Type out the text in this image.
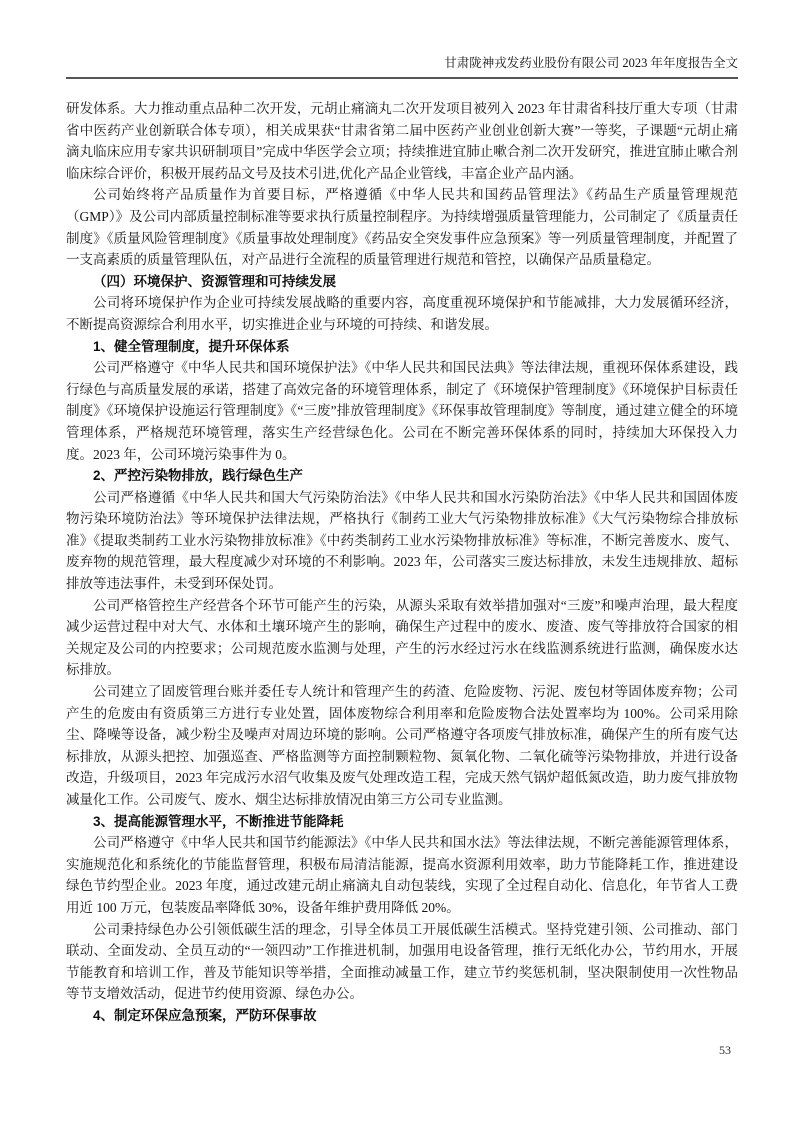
甘肃陇神戎发药业股份有限公司 2023 年年度报告全文

研发体系。大力推动重点品种二次开发，元胡止痛滴丸二次开发项目被列入 2023 年甘肃省科技厅重大专项（甘肃省中医药产业创新联合体专项），相关成果获“甘肃省第二届中医药产业创业创新大赛”一等奖，子课题“元胡止痛滴丸临床应用专家共识研制项目”完成中华医学会立项；持续推进宜肺止嗽合剂二次开发研究，推进宜肺止嗽合剂临床综合评价，积极开展药品文号及技术引进,优化产品企业管线，丰富企业产品内涵。

公司始终将产品质量作为首要目标，严格遵循《中华人民共和国药品管理法》《药品生产质量管理规范（GMP）》及公司内部质量控制标准等要求执行质量控制程序。为持续增强质量管理能力，公司制定了《质量责任制度》《质量风险管理制度》《质量事故处理制度》《药品安全突发事件应急预案》等一列质量管理制度，并配置了一支高素质的质量管理队伍，对产品进行全流程的质量管理进行规范和管控，以确保产品质量稳定。

（四）环境保护、资源管理和可持续发展

公司将环境保护作为企业可持续发展战略的重要内容，高度重视环境保护和节能减排，大力发展循环经济，不断提高资源综合利用水平，切实推进企业与环境的可持续、和谐发展。

1、健全管理制度，提升环保体系

公司严格遵守《中华人民共和国环境保护法》《中华人民共和国民法典》等法律法规，重视环保体系建设，践行绿色与高质量发展的承诺，搭建了高效完备的环境管理体系，制定了《环境保护管理制度》《环境保护目标责任制度》《环境保护设施运行管理制度》《“三废”排放管理制度》《环保事故管理制度》等制度，通过建立健全的环境管理体系，严格规范环境管理，落实生产经营绿色化。公司在不断完善环保体系的同时，持续加大环保投入力度。2023 年，公司环境污染事件为 0。

2、严控污染物排放，践行绿色生产

公司严格遵循《中华人民共和国大气污染防治法》《中华人民共和国水污染防治法》《中华人民共和国固体废物污染环境防治法》等环境保护法律法规，严格执行《制药工业大气污染物排放标准》《大气污染物综合排放标准》《提取类制药工业水污染物排放标准》《中药类制药工业水污染物排放标准》等标准，不断完善废水、废气、废弃物的规范管理，最大程度减少对环境的不利影响。2023 年，公司落实三废达标排放，未发生违规排放、超标排放等违法事件，未受到环保处罚。

公司严格管控生产经营各个环节可能产生的污染，从源头采取有效举措加强对“三废”和噪声治理，最大程度减少运营过程中对大气、水体和土壤环境产生的影响，确保生产过程中的废水、废渣、废气等排放符合国家的相关规定及公司的内控要求；公司规范废水监测与处理，产生的污水经过污水在线监测系统进行监测，确保废水达标排放。

公司建立了固废管理台账并委任专人统计和管理产生的药渣、危险废物、污泥、废包材等固体废弃物；公司产生的危废由有资质第三方进行专业处置，固体废物综合利用率和危险废物合法处置率均为 100%。公司采用除尘、降噪等设备，减少粉尘及噪声对周边环境的影响。公司严格遵守各项废气排放标准，确保产生的所有废气达标排放，从源头把控、加强巡查、严格监测等方面控制颗粒物、氮氧化物、二氧化硫等污染物排放，并进行设备改造，升级项目，2023 年完成污水沼气收集及废气处理改造工程，完成天然气锅炉超低氮改造，助力废气排放物减量化工作。公司废气、废水、烟尘达标排放情况由第三方公司专业监测。

3、提高能源管理水平，不断推进节能降耗

公司严格遵守《中华人民共和国节约能源法》《中华人民共和国水法》等法律法规，不断完善能源管理体系，实施规范化和系统化的节能监督管理，积极布局清洁能源，提高水资源利用效率，助力节能降耗工作，推进建设绿色节约型企业。2023 年度，通过改建元胡止痛滴丸自动包装线，实现了全过程自动化、信息化，年节省人工费用近 100 万元，包装废品率降低 30%，设备年维护费用降低 20%。

公司秉持绿色办公引领低碳生活的理念，引导全体员工开展低碳生活模式。坚持党建引领、公司推动、部门联动、全面发动、全员互动的“一领四动”工作推进机制，加强用电设备管理，推行无纸化办公，节约用水，开展节能教育和培训工作，普及节能知识等举措，全面推动减量工作，建立节约奖惩机制，坚决限制使用一次性物品等节支增效活动，促进节约使用资源、绿色办公。

4、制定环保应急预案，严防环保事故

53
